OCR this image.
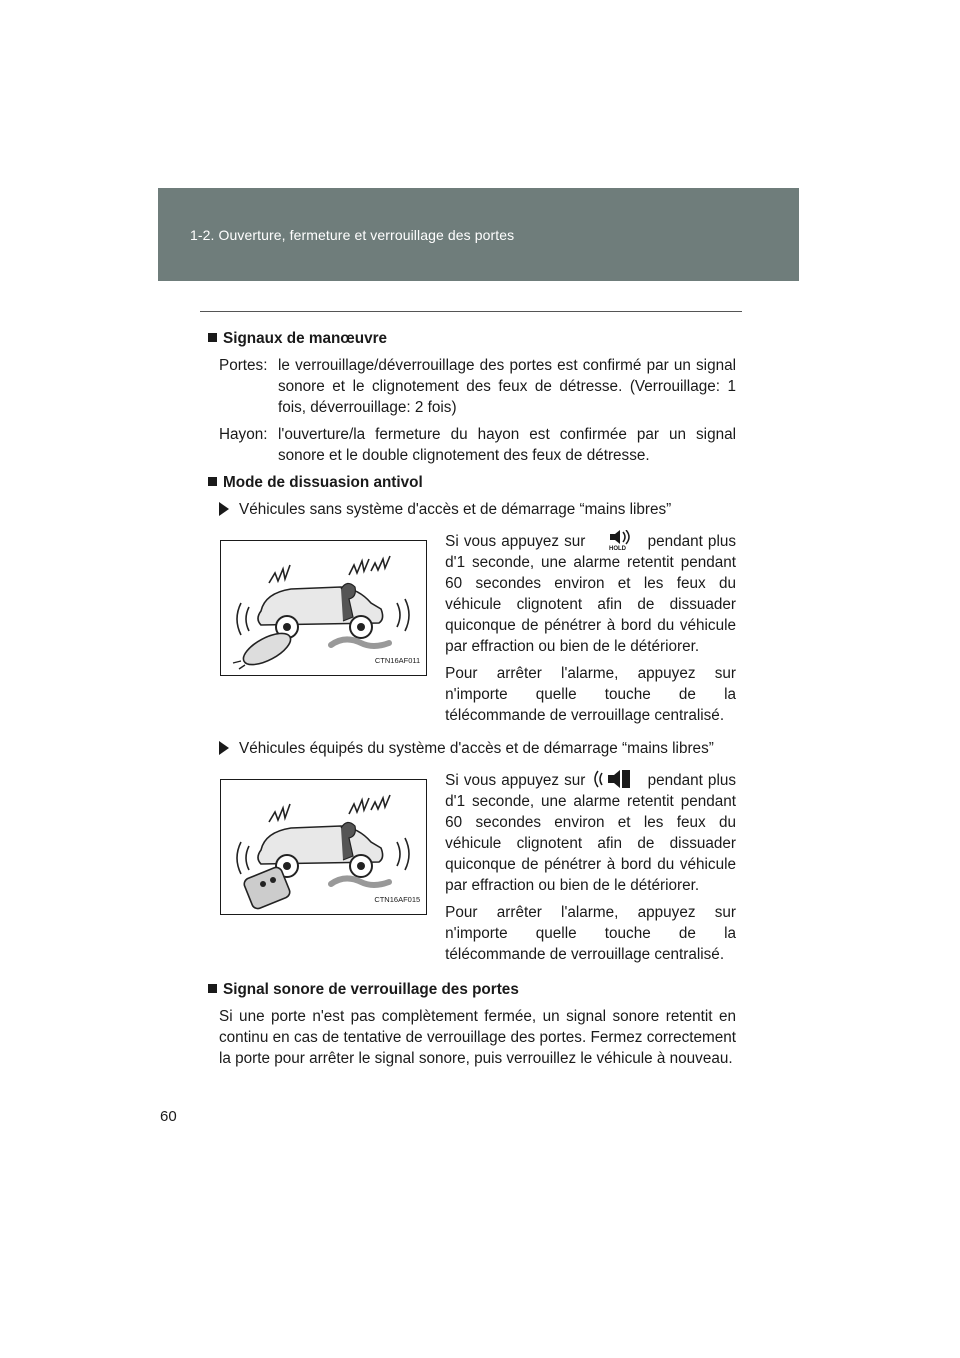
1-2. Ouverture, fermeture et verrouillage des portes
Signaux de manœuvre
Portes: le verrouillage/déverrouillage des portes est confirmé par un signal sonore et le clignotement des feux de détresse. (Verrouillage: 1 fois, déverrouillage: 2 fois)
Hayon: l'ouverture/la fermeture du hayon est confirmée par un signal sonore et le double clignotement des feux de détresse.
Mode de dissuasion antivol
Véhicules sans système d'accès et de démarrage “mains libres”
CTN16AF011

Si vous appuyez sur	HOLD pendant plus d'1 seconde, une alarme retentit pendant 60 secondes environ et les feux du véhicule clignotent afin de dissuader quiconque de pénétrer à bord du véhicule par effraction ou bien de le détériorer.

Pour arrêter l'alarme, appuyez sur n'importe quelle touche de la télécommande de verrouillage centralisé.

Véhicules équipés du système d'accès et de démarrage “mains libres”
CTN16AF015

Si vous appuyez sur	pendant plus d'1 seconde, une alarme retentit pendant 60 secondes environ et les feux du véhicule clignotent afin de dissuader quiconque de pénétrer à bord du véhicule par effraction ou bien de le détériorer.

Pour arrêter l'alarme, appuyez sur n'importe quelle touche de la télécommande de verrouillage centralisé.

Signal sonore de verrouillage des portes
Si une porte n'est pas complètement fermée, un signal sonore retentit en continu en cas de tentative de verrouillage des portes. Fermez correctement la porte pour arrêter le signal sonore, puis verrouillez le véhicule à nouveau.
60
